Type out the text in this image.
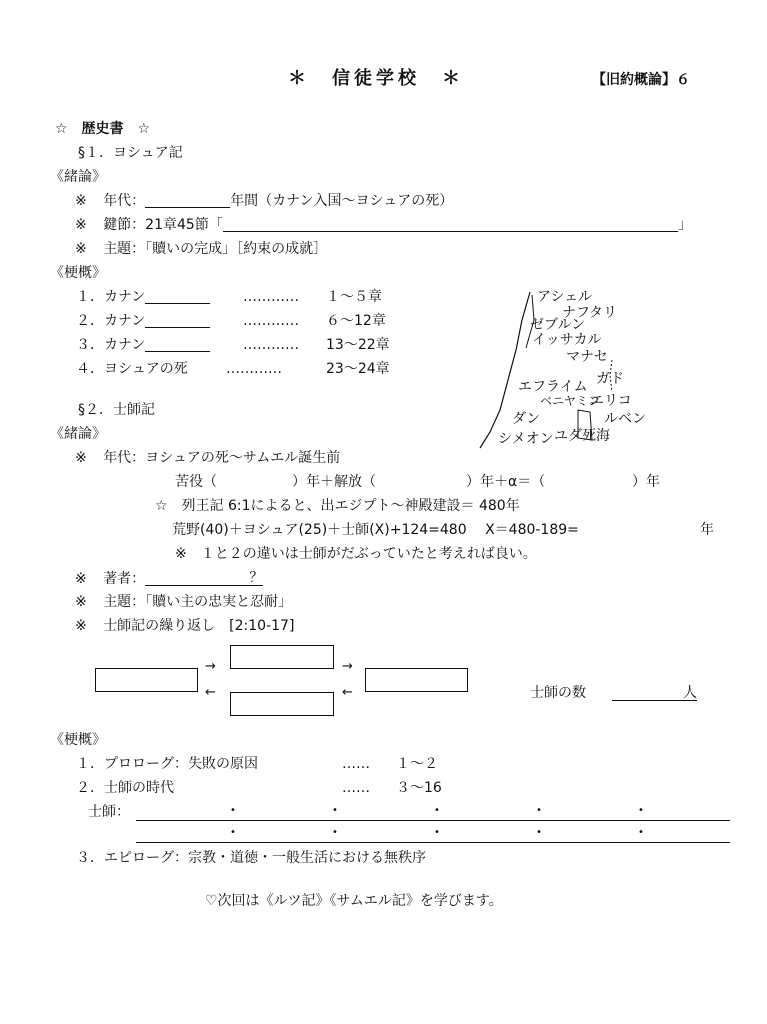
＊　信徒学校　＊	【旧約概論】６
☆　歴史書　☆
§１．ヨシュア記
《緒論》
※ 年代：	年間（カナン入国～ヨシュアの死）
※ 鍵節：21章45節「	」
※ 主題：「贖いの完成」［約束の成就］
《梗概》
１．カナン	………… １～５章
２．カナン	………… ６～12章
３．カナン	………… 13～22章
４．ヨシュアの死	…………	23～24章
アシェル
ナフタリ
ゼブルン
イッサカル
マナセ
ガド
エフライム
ベニヤミン
エリコ
ルベン
ダン
ユダ 死海
シメオン
§２．士師記
《緒論》
※ 年代：ヨシュアの死～サムエル誕生前
苦役（	）年＋解放（	）年＋α＝（	）年
☆　列王記 6:1によると、出エジプト～神殿建設＝ 480年
荒野(40)＋ヨシュア(25)＋士師(X)+124=480　 X＝480-189=	年
※　１と２の違いは士師がだぶっていたと考えれば良い。
※ 著者：	？
※ 主題：「贖い主の忠実と忍耐」
※ 士師記の繰り返し　[2:10-17]
→	→
←	←	士師の数	人
《梗概》
１．プロローグ：失敗の原因	…… １～２
２．士師の時代	…… ３～16
士師：	•	•	•	•	•
•	•	•	•	•
３．エピローグ：宗教・道徳・一般生活における無秩序
♡次回は《ルツ記》《サムエル記》を学びます。
